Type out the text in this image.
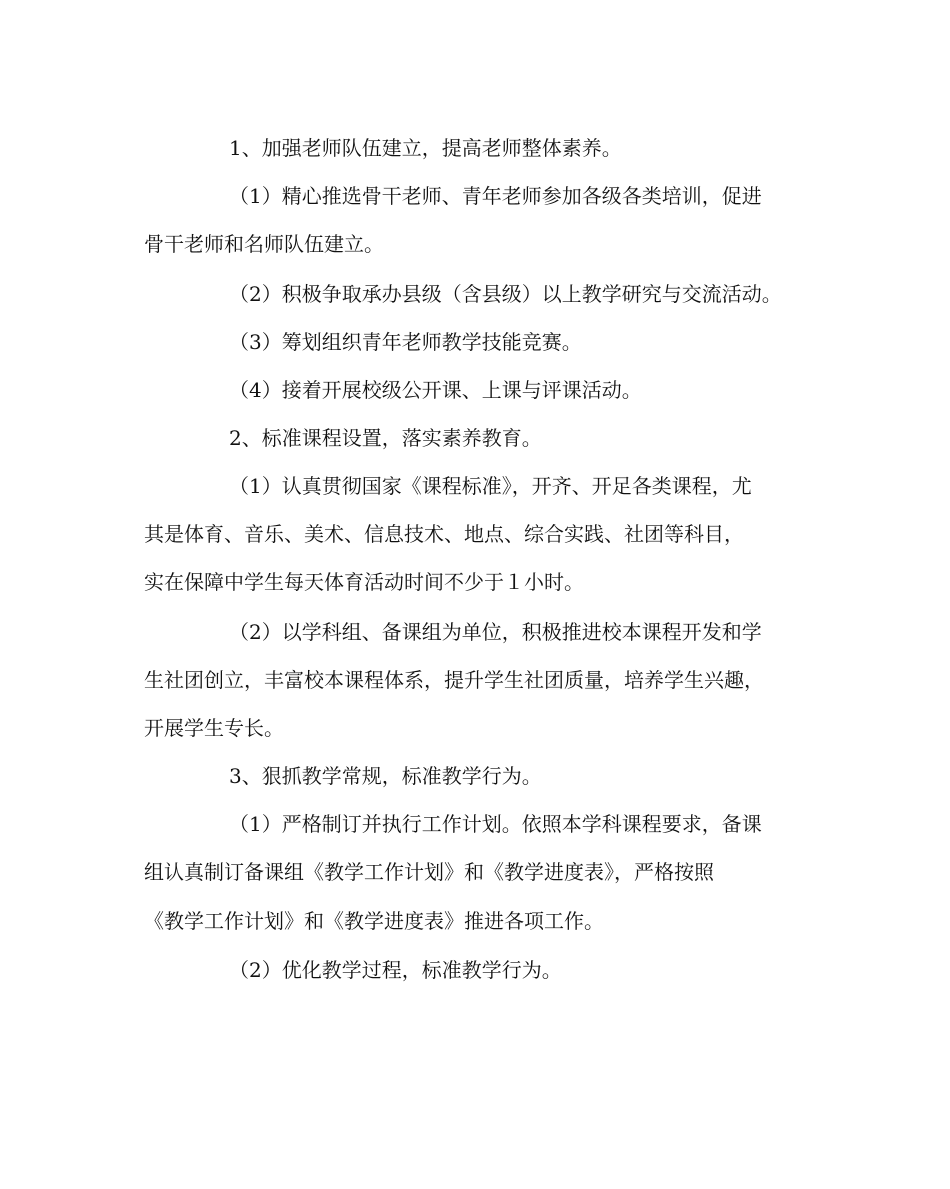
1、加强老师队伍建立，提高老师整体素养。
（1）精心推选骨干老师、青年老师参加各级各类培训，促进
骨干老师和名师队伍建立。
（2）积极争取承办县级（含县级）以上教学研究与交流活动。
（3）筹划组织青年老师教学技能竞赛。
（4）接着开展校级公开课、上课与评课活动。
2、标准课程设置，落实素养教育。
（1）认真贯彻国家《课程标准》，开齐、开足各类课程，尤
其是体育、音乐、美术、信息技术、地点、综合实践、社团等科目，
实在保障中学生每天体育活动时间不少于１小时。
（2）以学科组、备课组为单位，积极推进校本课程开发和学
生社团创立，丰富校本课程体系，提升学生社团质量，培养学生兴趣，
开展学生专长。
3、狠抓教学常规，标准教学行为。
（1）严格制订并执行工作计划。依照本学科课程要求，备课
组认真制订备课组《教学工作计划》和《教学进度表》，严格按照
《教学工作计划》和《教学进度表》推进各项工作。
（2）优化教学过程，标准教学行为。
